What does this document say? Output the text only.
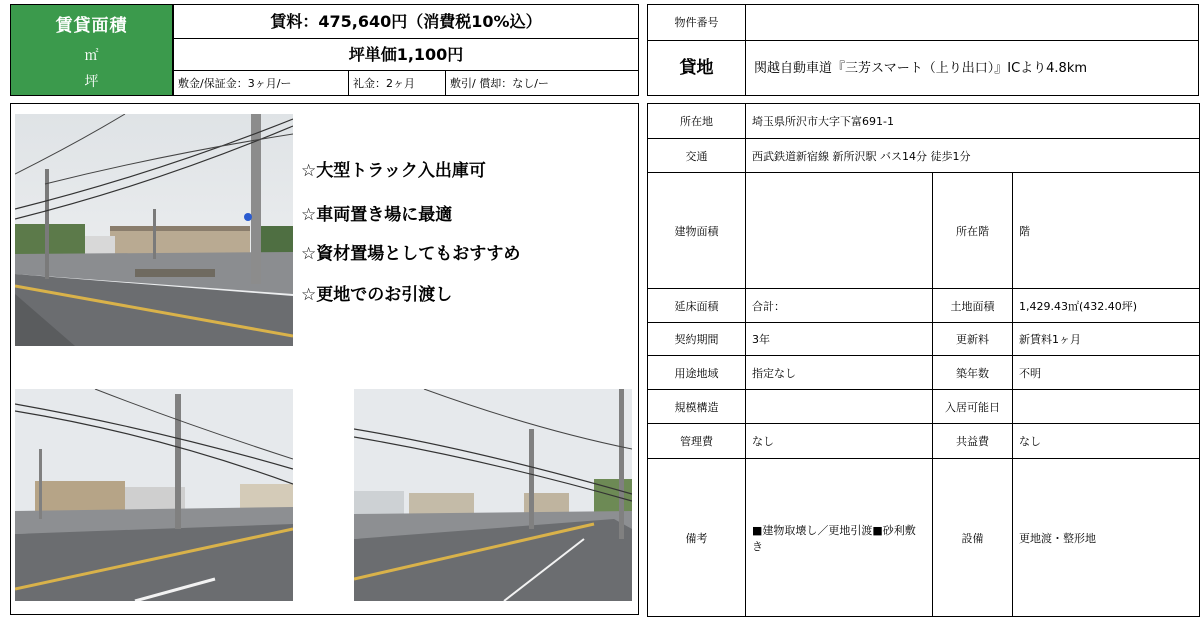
賃貸面積
㎡
坪
賃料：475,640円（消費税10%込）
坪単価1,100円
敷金/保証金：3ヶ月/ー	礼金：2ヶ月	敷引/ 償却：なし/ー
物件番号
貸地	関越自動車道『三芳スマート（上り出口）』ICより4.8km
☆大型トラック入出庫可
☆車両置き場に最適
☆資材置場としてもおすすめ
☆更地でのお引渡し
所在地	埼玉県所沢市大字下富691-1		
交通	西武鉄道新宿線 新所沢駅 バス14分 徒歩1分		
建物面積		所在階	階
延床面積	合計：	土地面積	1,429.43㎡(432.40坪)
契約期間	3年	更新料	新賃料1ヶ月
用途地域	指定なし	築年数	不明
規模構造		入居可能日	
管理費	なし	共益費	なし
備考	■建物取壊し／更地引渡■砂利敷き	設備	更地渡・整形地
